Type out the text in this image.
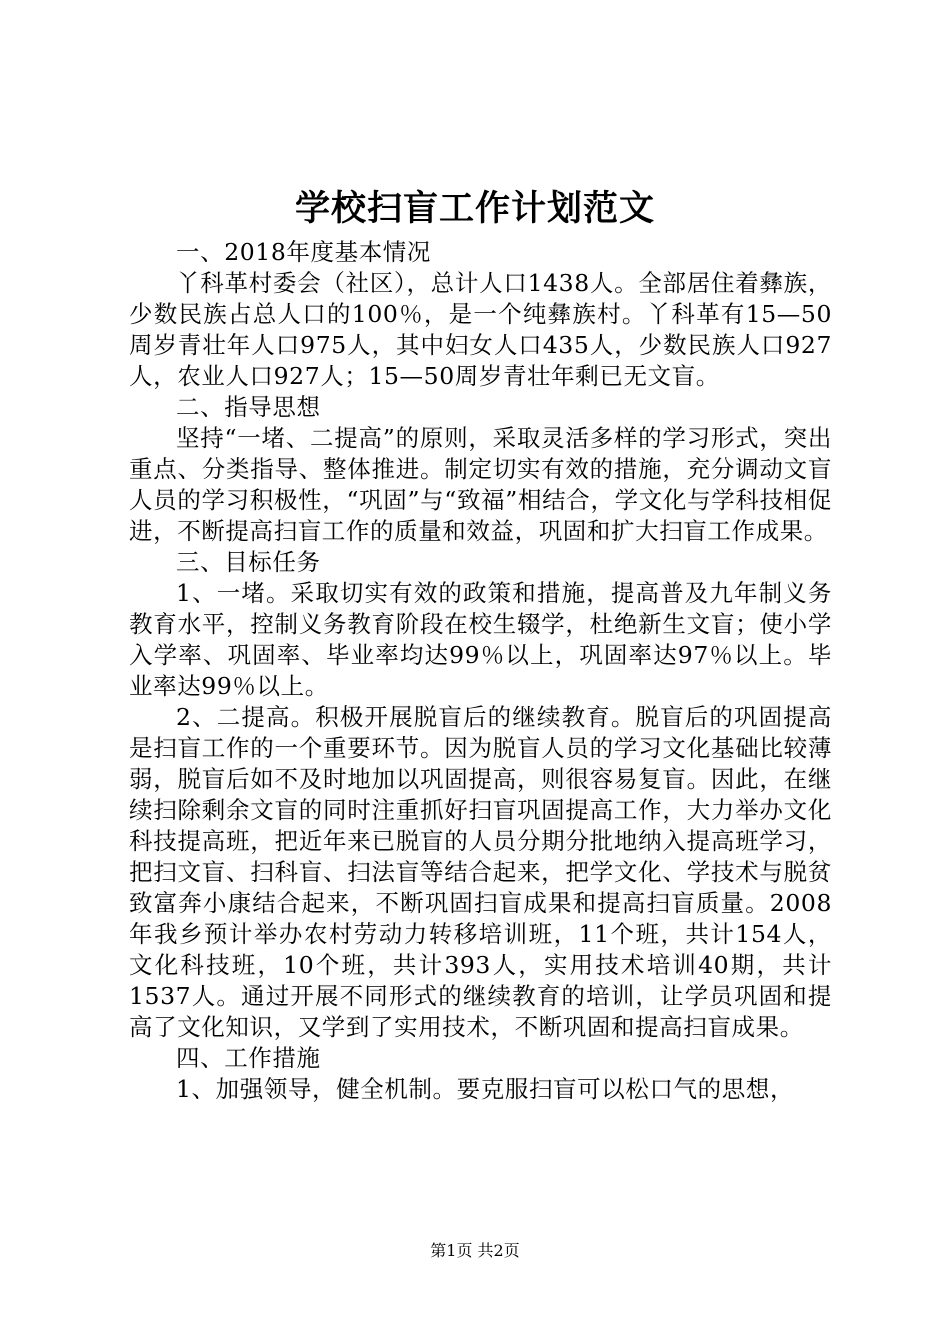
学校扫盲工作计划范文

一、2018年度基本情况

丫科革村委会（社区），总计人口1438人。全部居住着彝族，少数民族占总人口的100％，是一个纯彝族村。丫科革有15—50周岁青壮年人口975人，其中妇女人口435人，少数民族人口927人，农业人口927人；15—50周岁青壮年剩已无文盲。

二、指导思想

坚持“一堵、二提高”的原则，采取灵活多样的学习形式，突出重点、分类指导、整体推进。制定切实有效的措施，充分调动文盲人员的学习积极性，“巩固”与“致福”相结合，学文化与学科技相促进，不断提高扫盲工作的质量和效益，巩固和扩大扫盲工作成果。

三、目标任务

1、一堵。采取切实有效的政策和措施，提高普及九年制义务教育水平，控制义务教育阶段在校生辍学，杜绝新生文盲；使小学入学率、巩固率、毕业率均达99％以上，巩固率达97％以上。毕业率达99％以上。

2、二提高。积极开展脱盲后的继续教育。脱盲后的巩固提高是扫盲工作的一个重要环节。因为脱盲人员的学习文化基础比较薄弱，脱盲后如不及时地加以巩固提高，则很容易复盲。因此，在继续扫除剩余文盲的同时注重抓好扫盲巩固提高工作，大力举办文化科技提高班，把近年来已脱盲的人员分期分批地纳入提高班学习，把扫文盲、扫科盲、扫法盲等结合起来，把学文化、学技术与脱贫致富奔小康结合起来，不断巩固扫盲成果和提高扫盲质量。2008年我乡预计举办农村劳动力转移培训班，11个班，共计154人，文化科技班，10个班，共计393人，实用技术培训40期，共计1537人。通过开展不同形式的继续教育的培训，让学员巩固和提高了文化知识，又学到了实用技术，不断巩固和提高扫盲成果。

四、工作措施

1、加强领导，健全机制。要克服扫盲可以松口气的思想，

第1页 共2页
